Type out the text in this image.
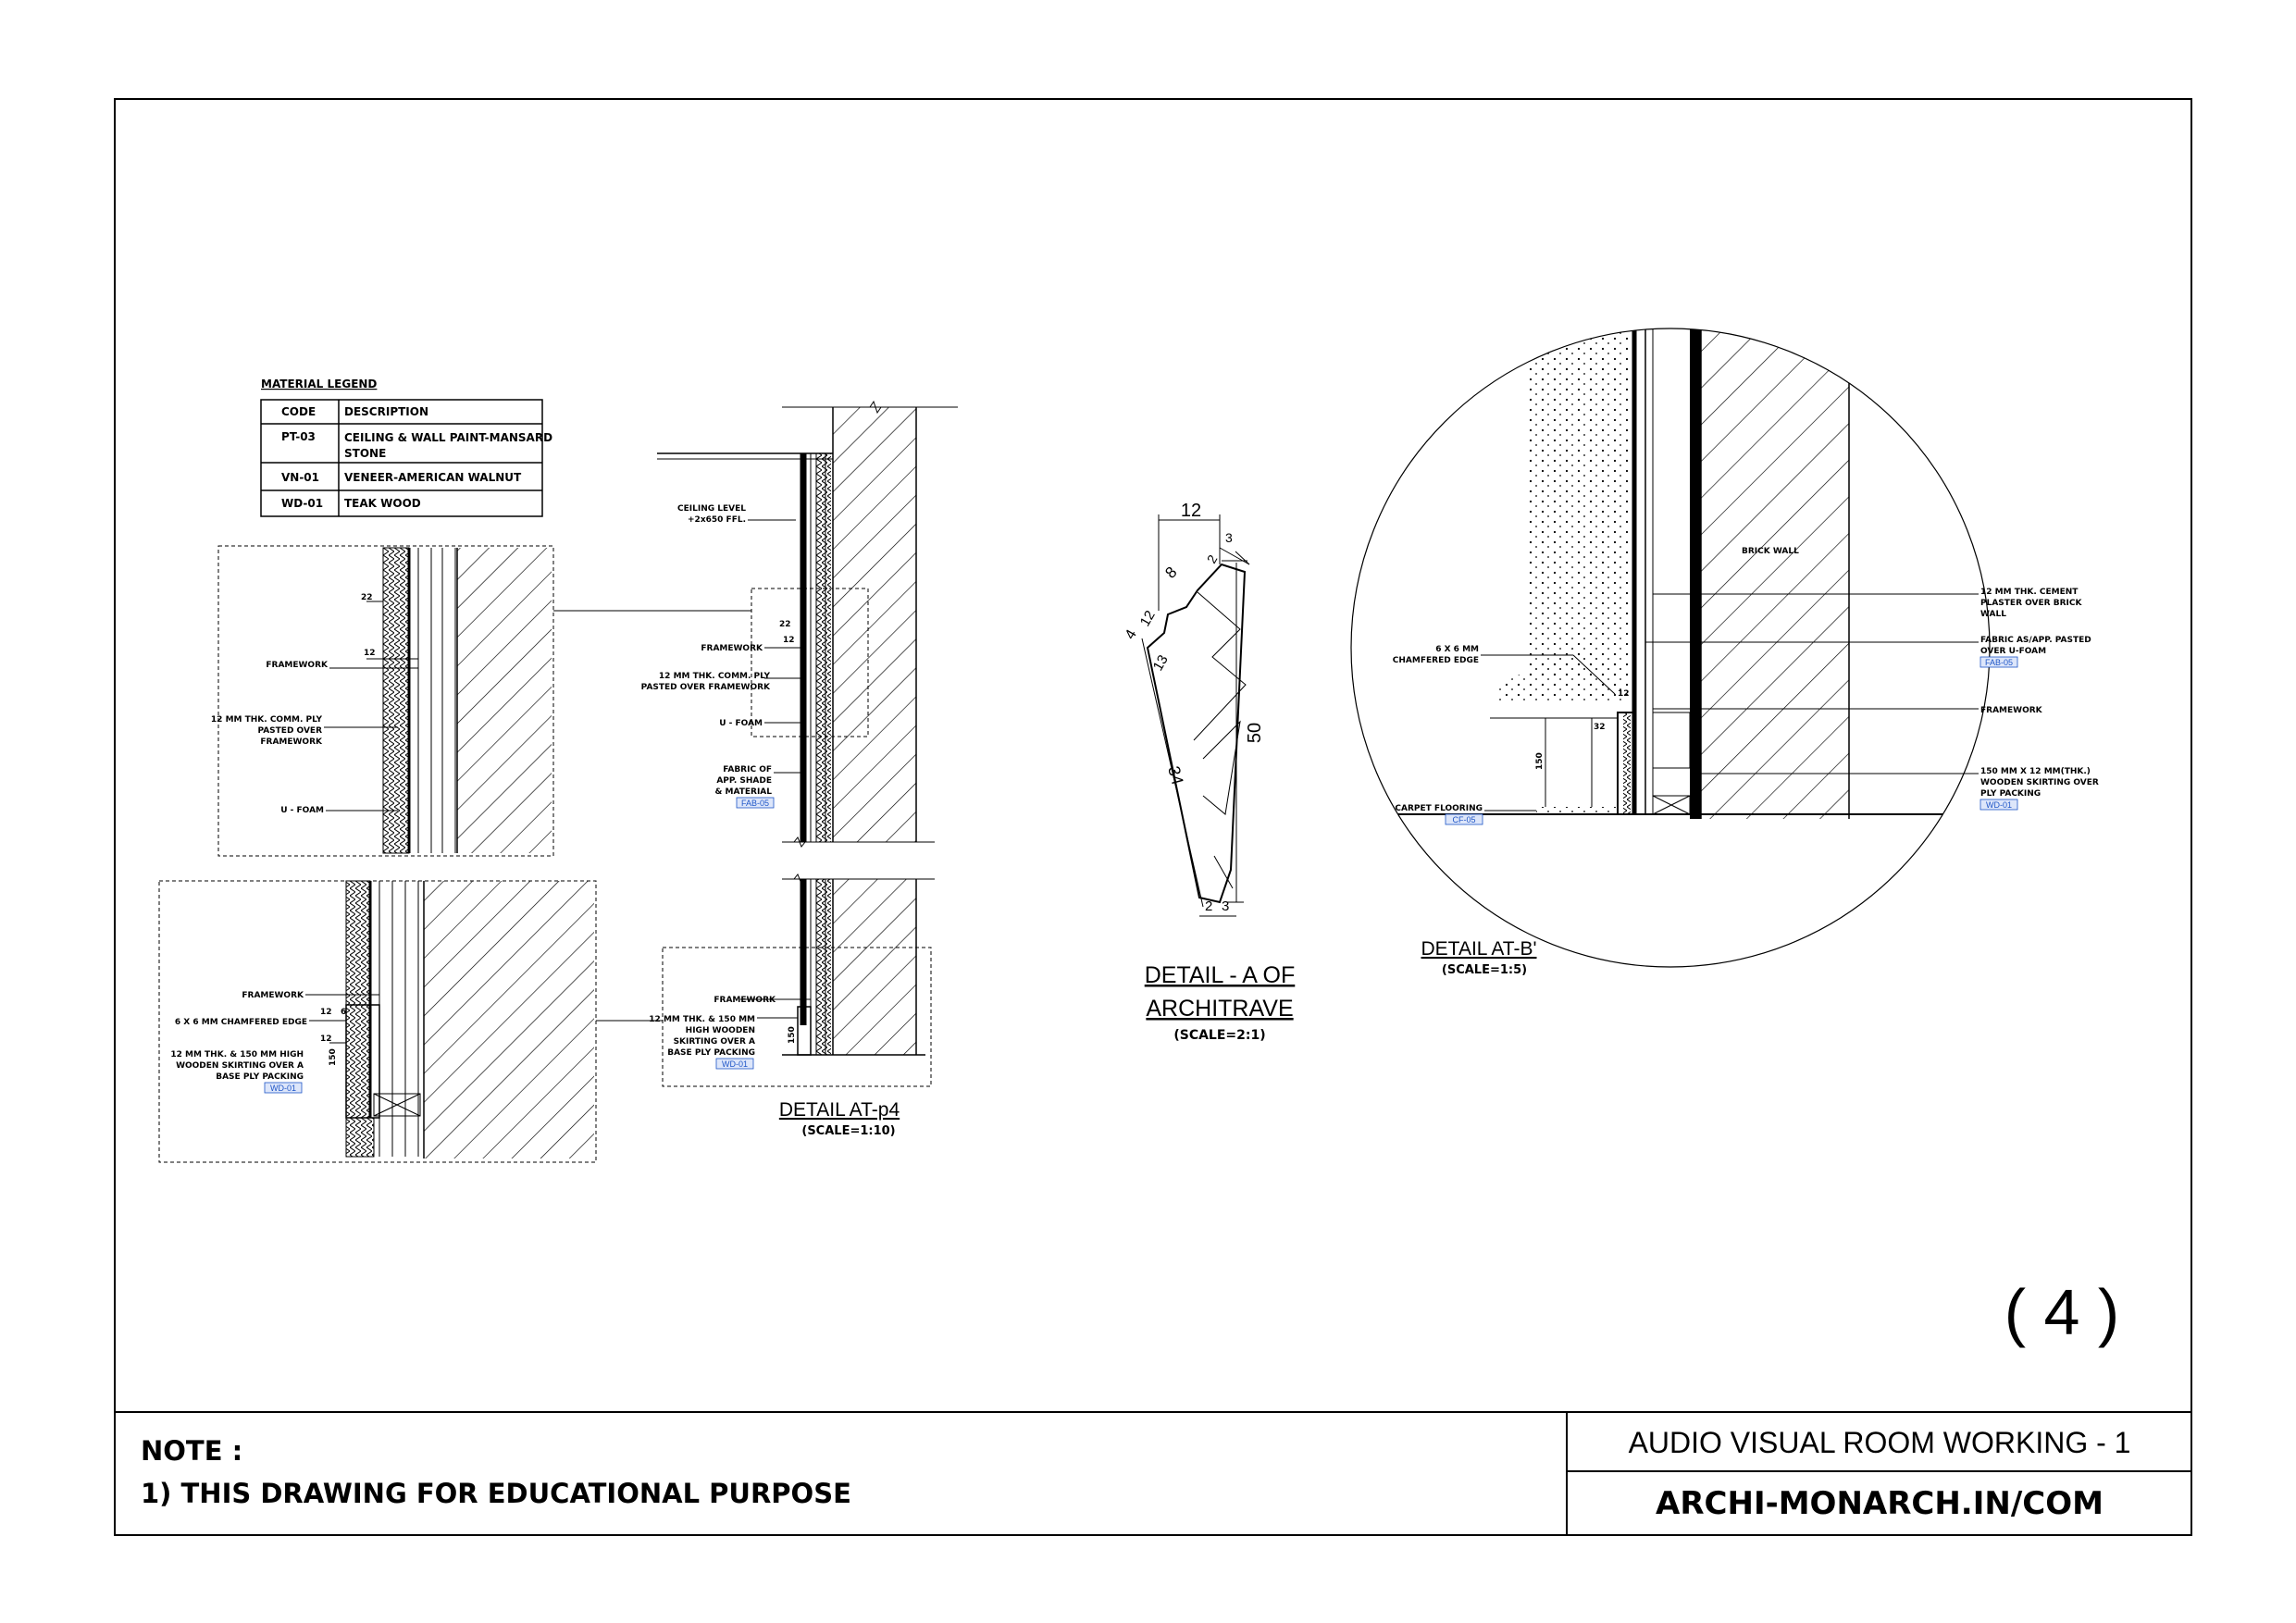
MATERIAL LEGEND
CODE	DESCRIPTION
PT-03	CEILING & WALL PAINT-MANSARD
STONE
VN-01 VENEER-AMERICAN WALNUT
WD-01 TEAK WOOD
22
12
FRAMEWORK
12 MM THK. COMM. PLY
PASTED OVER
FRAMEWORK
U - FOAM
FRAMEWORK
6 X 6 MM CHAMFERED EDGE
12 6
12
150
12 MM THK. & 150 MM HIGH
WOODEN SKIRTING OVER A
BASE PLY PACKING
WD-01
CEILING LEVEL
+2x650 FFL.
22
12
FRAMEWORK
12 MM THK. COMM. PLY
PASTED OVER FRAMEWORK
U - FOAM
FABRIC OF
APP. SHADE
& MATERIAL
FAB-05
FRAMEWORK
12 MM THK. & 150 MM
HIGH WOODEN
SKIRTING OVER A
BASE PLY PACKING
WD-01
150
DETAIL AT-p4
(SCALE=1:10)
12
3
8
2
4
12
13
50
34
2 3
DETAIL - A OF
ARCHITRAVE
(SCALE=2:1)
BRICK WALL
12 MM THK. CEMENT
PLASTER OVER BRICK
WALL
FABRIC AS/APP. PASTED
OVER U-FOAM
FAB-05
6 X 6 MM
CHAMFERED EDGE
FRAMEWORK
150 MM X 12 MM(THK.)
WOODEN SKIRTING OVER
PLY PACKING
WD-01
CARPET FLOORING
CF-05
32
150
12
DETAIL AT-B'
(SCALE=1:5)
( 4 )
NOTE :
1) THIS DRAWING FOR EDUCATIONAL PURPOSE
AUDIO VISUAL ROOM WORKING - 1
ARCHI-MONARCH.IN/COM
